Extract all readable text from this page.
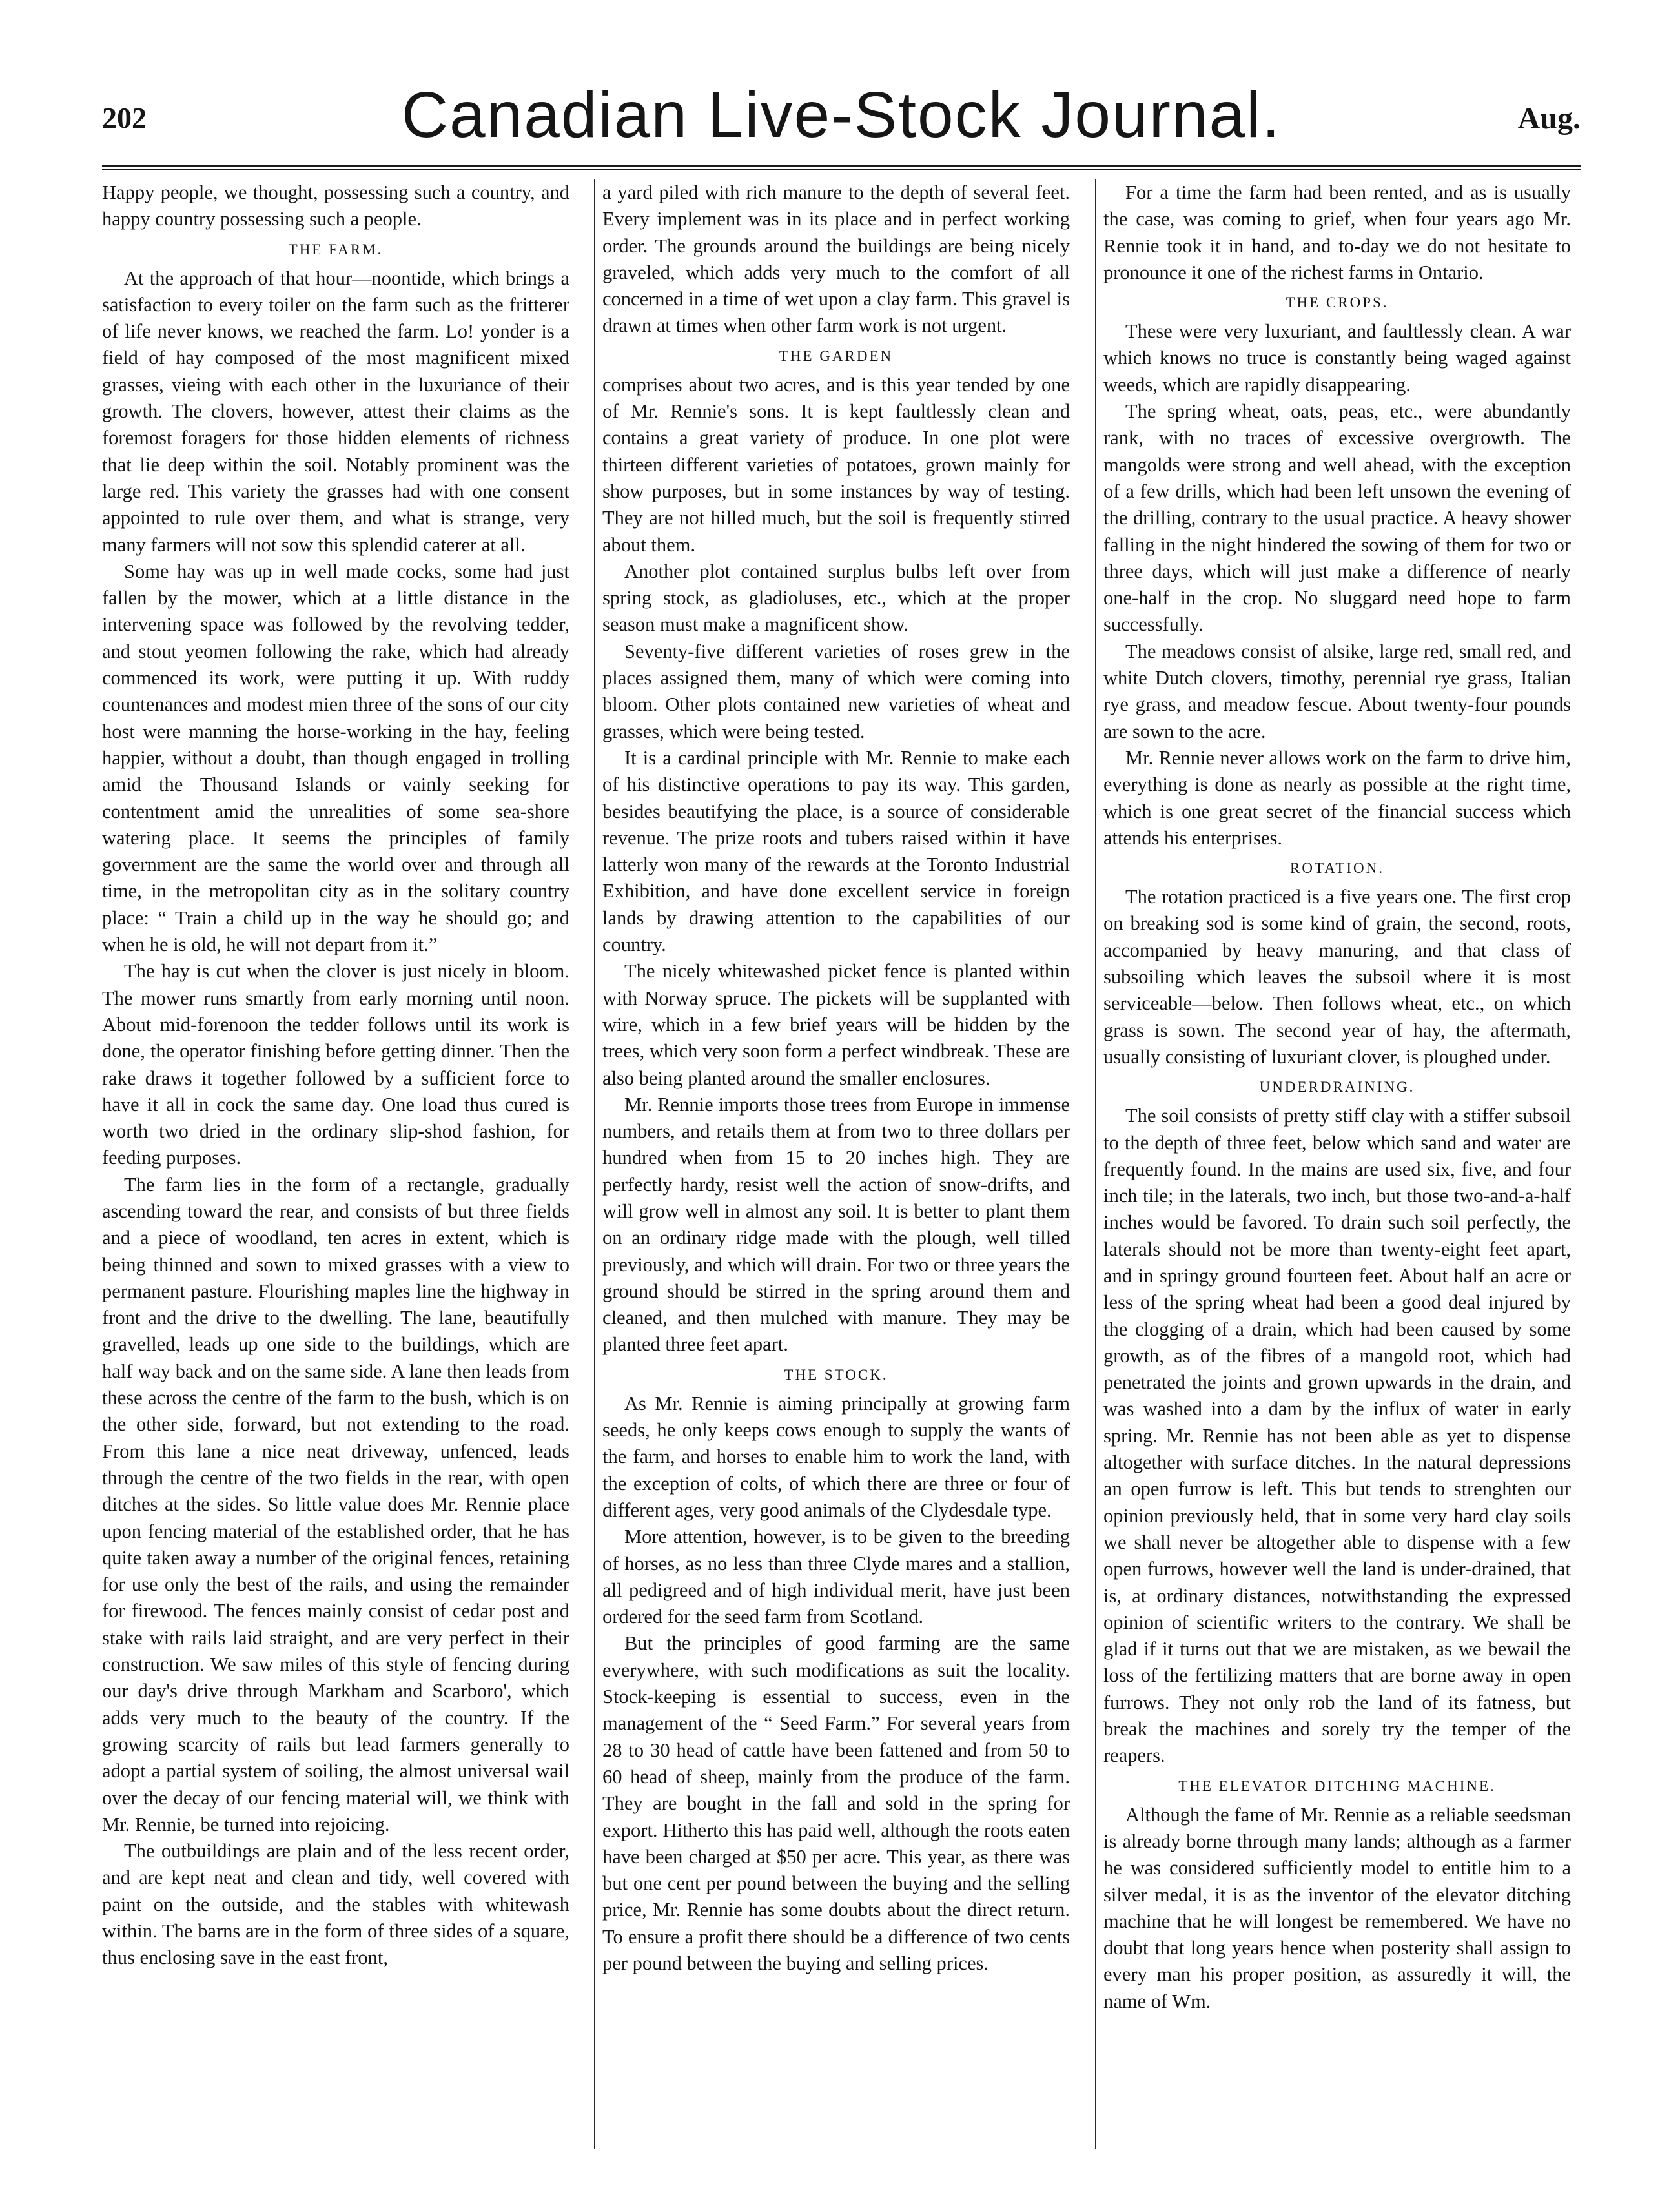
202	Canadian Live-Stock Journal.	Aug.

Happy people, we thought, possessing such a country, and happy country possessing such a people.

THE FARM.

At the approach of that hour—noontide, which brings a satisfaction to every toiler on the farm such as the fritterer of life never knows, we reached the farm. Lo! yonder is a field of hay composed of the most magnificent mixed grasses, vieing with each other in the luxuriance of their growth. The clovers, however, attest their claims as the foremost foragers for those hidden elements of richness that lie deep within the soil. Notably prominent was the large red. This variety the grasses had with one consent appointed to rule over them, and what is strange, very many farmers will not sow this splendid caterer at all.

Some hay was up in well made cocks, some had just fallen by the mower, which at a little distance in the intervening space was followed by the revolving tedder, and stout yeomen following the rake, which had already commenced its work, were putting it up. With ruddy countenances and modest mien three of the sons of our city host were manning the horse-working in the hay, feeling happier, without a doubt, than though engaged in trolling amid the Thousand Islands or vainly seeking for contentment amid the unrealities of some sea-shore watering place. It seems the principles of family government are the same the world over and through all time, in the metropolitan city as in the solitary country place: “ Train a child up in the way he should go; and when he is old, he will not depart from it.”

The hay is cut when the clover is just nicely in bloom. The mower runs smartly from early morning until noon. About mid-forenoon the tedder follows until its work is done, the operator finishing before getting dinner. Then the rake draws it together followed by a sufficient force to have it all in cock the same day. One load thus cured is worth two dried in the ordinary slip-shod fashion, for feeding purposes.

The farm lies in the form of a rectangle, gradually ascending toward the rear, and consists of but three fields and a piece of woodland, ten acres in extent, which is being thinned and sown to mixed grasses with a view to permanent pasture. Flourishing maples line the highway in front and the drive to the dwelling. The lane, beautifully gravelled, leads up one side to the buildings, which are half way back and on the same side. A lane then leads from these across the centre of the farm to the bush, which is on the other side, forward, but not extending to the road. From this lane a nice neat driveway, unfenced, leads through the centre of the two fields in the rear, with open ditches at the sides. So little value does Mr. Rennie place upon fencing material of the established order, that he has quite taken away a number of the original fences, retaining for use only the best of the rails, and using the remainder for firewood. The fences mainly consist of cedar post and stake with rails laid straight, and are very perfect in their construction. We saw miles of this style of fencing during our day's drive through Markham and Scarboro', which adds very much to the beauty of the country. If the growing scarcity of rails but lead farmers generally to adopt a partial system of soiling, the almost universal wail over the decay of our fencing material will, we think with Mr. Rennie, be turned into rejoicing.

The outbuildings are plain and of the less recent order, and are kept neat and clean and tidy, well covered with paint on the outside, and the stables with whitewash within. The barns are in the form of three sides of a square, thus enclosing save in the east front,

a yard piled with rich manure to the depth of several feet. Every implement was in its place and in perfect working order. The grounds around the buildings are being nicely graveled, which adds very much to the comfort of all concerned in a time of wet upon a clay farm. This gravel is drawn at times when other farm work is not urgent.

THE GARDEN

comprises about two acres, and is this year tended by one of Mr. Rennie's sons. It is kept faultlessly clean and contains a great variety of produce. In one plot were thirteen different varieties of potatoes, grown mainly for show purposes, but in some instances by way of testing. They are not hilled much, but the soil is frequently stirred about them.

Another plot contained surplus bulbs left over from spring stock, as gladioluses, etc., which at the proper season must make a magnificent show.

Seventy-five different varieties of roses grew in the places assigned them, many of which were coming into bloom. Other plots contained new varieties of wheat and grasses, which were being tested.

It is a cardinal principle with Mr. Rennie to make each of his distinctive operations to pay its way. This garden, besides beautifying the place, is a source of considerable revenue. The prize roots and tubers raised within it have latterly won many of the rewards at the Toronto Industrial Exhibition, and have done excellent service in foreign lands by drawing attention to the capabilities of our country.

The nicely whitewashed picket fence is planted within with Norway spruce. The pickets will be supplanted with wire, which in a few brief years will be hidden by the trees, which very soon form a perfect windbreak. These are also being planted around the smaller enclosures.

Mr. Rennie imports those trees from Europe in immense numbers, and retails them at from two to three dollars per hundred when from 15 to 20 inches high. They are perfectly hardy, resist well the action of snow-drifts, and will grow well in almost any soil. It is better to plant them on an ordinary ridge made with the plough, well tilled previously, and which will drain. For two or three years the ground should be stirred in the spring around them and cleaned, and then mulched with manure. They may be planted three feet apart.

THE STOCK.

As Mr. Rennie is aiming principally at growing farm seeds, he only keeps cows enough to supply the wants of the farm, and horses to enable him to work the land, with the exception of colts, of which there are three or four of different ages, very good animals of the Clydesdale type.

More attention, however, is to be given to the breeding of horses, as no less than three Clyde mares and a stallion, all pedigreed and of high individual merit, have just been ordered for the seed farm from Scotland.

But the principles of good farming are the same everywhere, with such modifications as suit the locality. Stock-keeping is essential to success, even in the management of the “ Seed Farm.” For several years from 28 to 30 head of cattle have been fattened and from 50 to 60 head of sheep, mainly from the produce of the farm. They are bought in the fall and sold in the spring for export. Hitherto this has paid well, although the roots eaten have been charged at $50 per acre. This year, as there was but one cent per pound between the buying and the selling price, Mr. Rennie has some doubts about the direct return. To ensure a profit there should be a difference of two cents per pound between the buying and selling prices.

For a time the farm had been rented, and as is usually the case, was coming to grief, when four years ago Mr. Rennie took it in hand, and to-day we do not hesitate to pronounce it one of the richest farms in Ontario.

THE CROPS.

These were very luxuriant, and faultlessly clean. A war which knows no truce is constantly being waged against weeds, which are rapidly disappearing.

The spring wheat, oats, peas, etc., were abundantly rank, with no traces of excessive overgrowth. The mangolds were strong and well ahead, with the exception of a few drills, which had been left unsown the evening of the drilling, contrary to the usual practice. A heavy shower falling in the night hindered the sowing of them for two or three days, which will just make a difference of nearly one-half in the crop. No sluggard need hope to farm successfully.

The meadows consist of alsike, large red, small red, and white Dutch clovers, timothy, perennial rye grass, Italian rye grass, and meadow fescue. About twenty-four pounds are sown to the acre.

Mr. Rennie never allows work on the farm to drive him, everything is done as nearly as possible at the right time, which is one great secret of the financial success which attends his enterprises.

ROTATION.

The rotation practiced is a five years one. The first crop on breaking sod is some kind of grain, the second, roots, accompanied by heavy manuring, and that class of subsoiling which leaves the subsoil where it is most serviceable—below. Then follows wheat, etc., on which grass is sown. The second year of hay, the aftermath, usually consisting of luxuriant clover, is ploughed under.

UNDERDRAINING.

The soil consists of pretty stiff clay with a stiffer subsoil to the depth of three feet, below which sand and water are frequently found. In the mains are used six, five, and four inch tile; in the laterals, two inch, but those two-and-a-half inches would be favored. To drain such soil perfectly, the laterals should not be more than twenty-eight feet apart, and in springy ground fourteen feet. About half an acre or less of the spring wheat had been a good deal injured by the clogging of a drain, which had been caused by some growth, as of the fibres of a mangold root, which had penetrated the joints and grown upwards in the drain, and was washed into a dam by the influx of water in early spring. Mr. Rennie has not been able as yet to dispense altogether with surface ditches. In the natural depressions an open furrow is left. This but tends to strenghten our opinion previously held, that in some very hard clay soils we shall never be altogether able to dispense with a few open furrows, however well the land is under-drained, that is, at ordinary distances, notwithstanding the expressed opinion of scientific writers to the contrary. We shall be glad if it turns out that we are mistaken, as we bewail the loss of the fertilizing matters that are borne away in open furrows. They not only rob the land of its fatness, but break the machines and sorely try the temper of the reapers.

THE ELEVATOR DITCHING MACHINE.

Although the fame of Mr. Rennie as a reliable seedsman is already borne through many lands; although as a farmer he was considered sufficiently model to entitle him to a silver medal, it is as the inventor of the elevator ditching machine that he will longest be remembered. We have no doubt that long years hence when posterity shall assign to every man his proper position, as assuredly it will, the name of Wm.
